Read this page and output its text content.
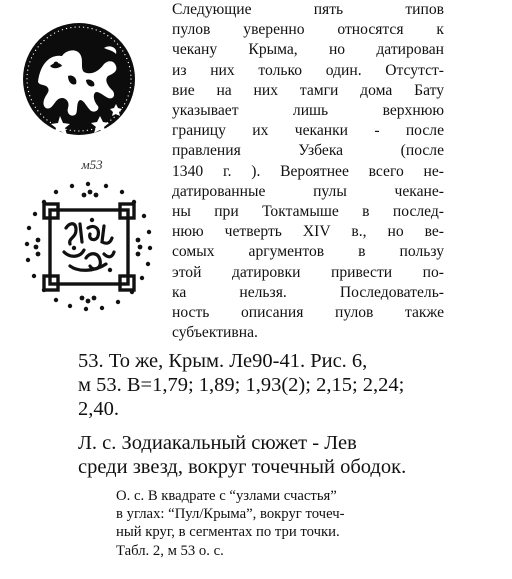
м53
Следующие пять типов
пулов уверенно относятся к
чекану Крыма, но датирован
из них только один. Отсутст-
вие на них тамги дома Бату
указывает лишь верхнюю
границу их чеканки - после
правления Узбека (после
1340 г. ). Вероятнее всего не-
датированные пулы чеканe-
ны при Токтамыше в послед-
нюю четверть XIV в., но ве-
сомых аргументов в пользу
этой датировки привести по-
ка нельзя. Последователь-
ность описания пулов также
субъективна.
53. То же, Крым. Ле90-41. Рис. 6,
м 53. В=1,79; 1,89; 1,93(2); 2,15; 2,24;
2,40.
Л. с. Зодиакальный сюжет - Лев
среди звезд, вокруг точечный ободок.
О. с. В квадрате с “узлами счастья”
в углах: “Пул/Крыма”, вокруг точеч-
ный круг, в сегментах по три точки.
Табл. 2, м 53 о. с.
